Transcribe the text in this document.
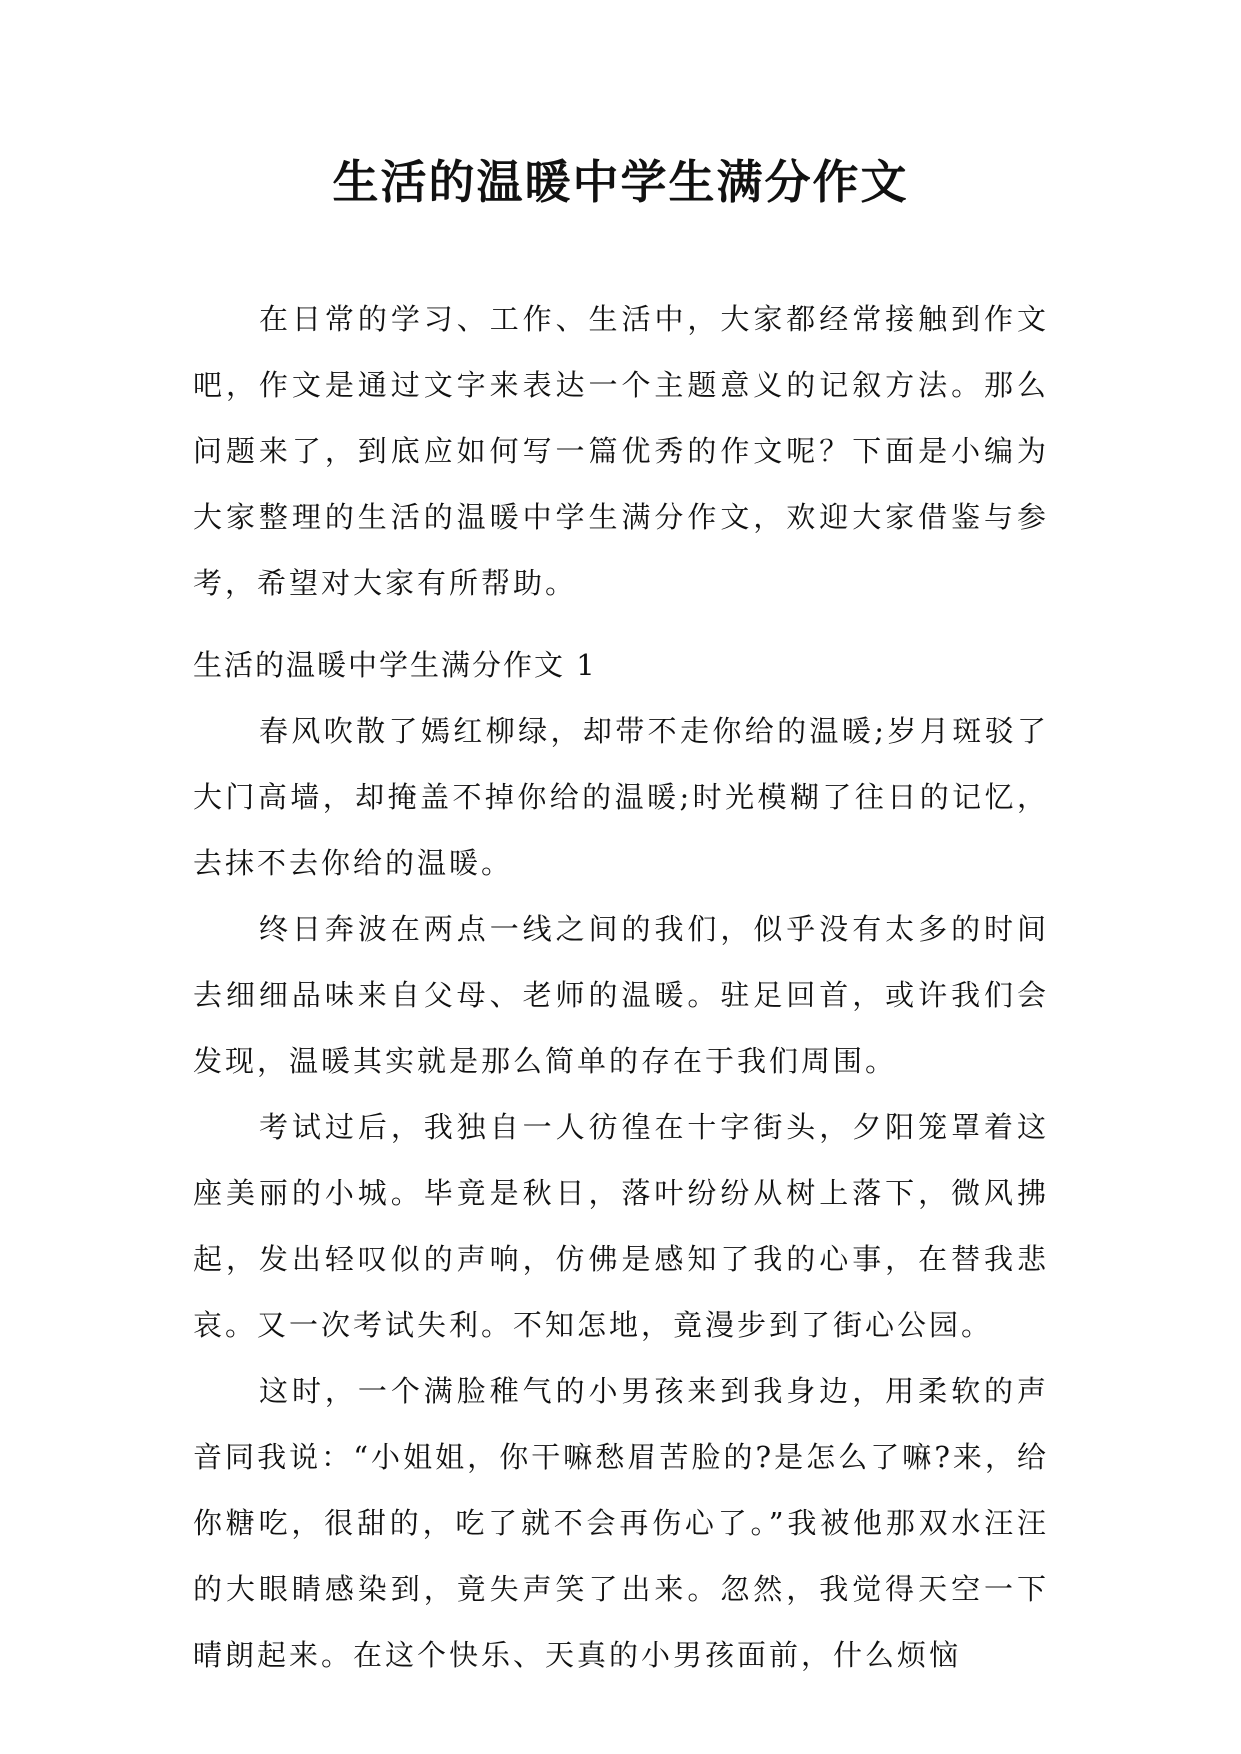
生活的温暖中学生满分作文

在日常的学习、工作、生活中，大家都经常接触到作文吧，作文是通过文字来表达一个主题意义的记叙方法。那么问题来了，到底应如何写一篇优秀的作文呢？下面是小编为大家整理的生活的温暖中学生满分作文，欢迎大家借鉴与参考，希望对大家有所帮助。

生活的温暖中学生满分作文 1

春风吹散了嫣红柳绿，却带不走你给的温暖;岁月斑驳了大门高墙，却掩盖不掉你给的温暖;时光模糊了往日的记忆，去抹不去你给的温暖。

终日奔波在两点一线之间的我们，似乎没有太多的时间去细细品味来自父母、老师的温暖。驻足回首，或许我们会发现，温暖其实就是那么简单的存在于我们周围。

考试过后，我独自一人彷徨在十字街头，夕阳笼罩着这座美丽的小城。毕竟是秋日，落叶纷纷从树上落下，微风拂起，发出轻叹似的声响，仿佛是感知了我的心事，在替我悲哀。又一次考试失利。不知怎地，竟漫步到了街心公园。

这时，一个满脸稚气的小男孩来到我身边，用柔软的声音同我说：“小姐姐，你干嘛愁眉苦脸的?是怎么了嘛?来，给你糖吃，很甜的，吃了就不会再伤心了。”我被他那双水汪汪的大眼睛感染到，竟失声笑了出来。忽然，我觉得天空一下晴朗起来。在这个快乐、天真的小男孩面前，什么烦恼
